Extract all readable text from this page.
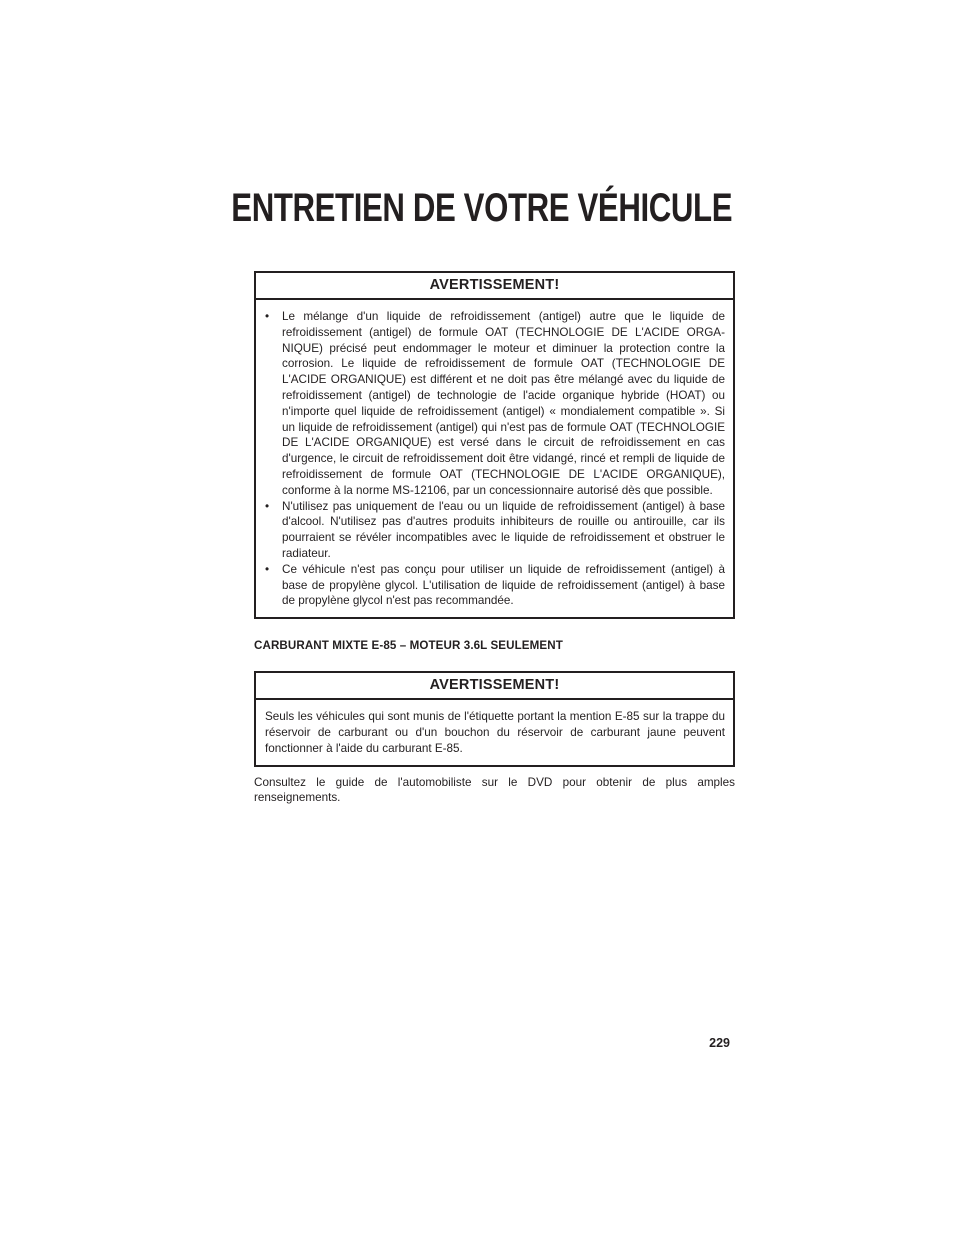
ENTRETIEN DE VOTRE VÉHICULE
AVERTISSEMENT!
• Le mélange d'un liquide de refroidissement (antigel) autre que le liquide de refroidissement (antigel) de formule OAT (TECHNOLOGIE DE L'ACIDE ORGA-NIQUE) précisé peut endommager le moteur et diminuer la protection contre la corrosion. Le liquide de refroidissement de formule OAT (TECHNOLOGIE DE L'ACIDE ORGANIQUE) est différent et ne doit pas être mélangé avec du liquide de refroidissement (antigel) de technologie de l'acide organique hybride (HOAT) ou n'importe quel liquide de refroidissement (antigel) « mondialement compatible ». Si un liquide de refroidissement (antigel) qui n'est pas de formule OAT (TECHNOLOGIE DE L'ACIDE ORGANIQUE) est versé dans le circuit de refroidissement en cas d'urgence, le circuit de refroidissement doit être vidangé, rincé et rempli de liquide de refroidissement de formule OAT (TECHNOLOGIE DE L'ACIDE ORGANIQUE), conforme à la norme MS-12106, par un concessionnaire autorisé dès que possible.
• N'utilisez pas uniquement de l'eau ou un liquide de refroidissement (antigel) à base d'alcool. N'utilisez pas d'autres produits inhibiteurs de rouille ou antirouille, car ils pourraient se révéler incompatibles avec le liquide de refroidissement et obstruer le radiateur.
• Ce véhicule n'est pas conçu pour utiliser un liquide de refroidissement (antigel) à base de propylène glycol. L'utilisation de liquide de refroidissement (antigel) à base de propylène glycol n'est pas recommandée.
CARBURANT MIXTE E-85 – MOTEUR 3.6L SEULEMENT
AVERTISSEMENT!

Seuls les véhicules qui sont munis de l'étiquette portant la mention E-85 sur la trappe du réservoir de carburant ou d'un bouchon du réservoir de carburant jaune peuvent fonctionner à l'aide du carburant E-85.

Consultez le guide de l'automobiliste sur le DVD pour obtenir de plus amples renseignements.

229
